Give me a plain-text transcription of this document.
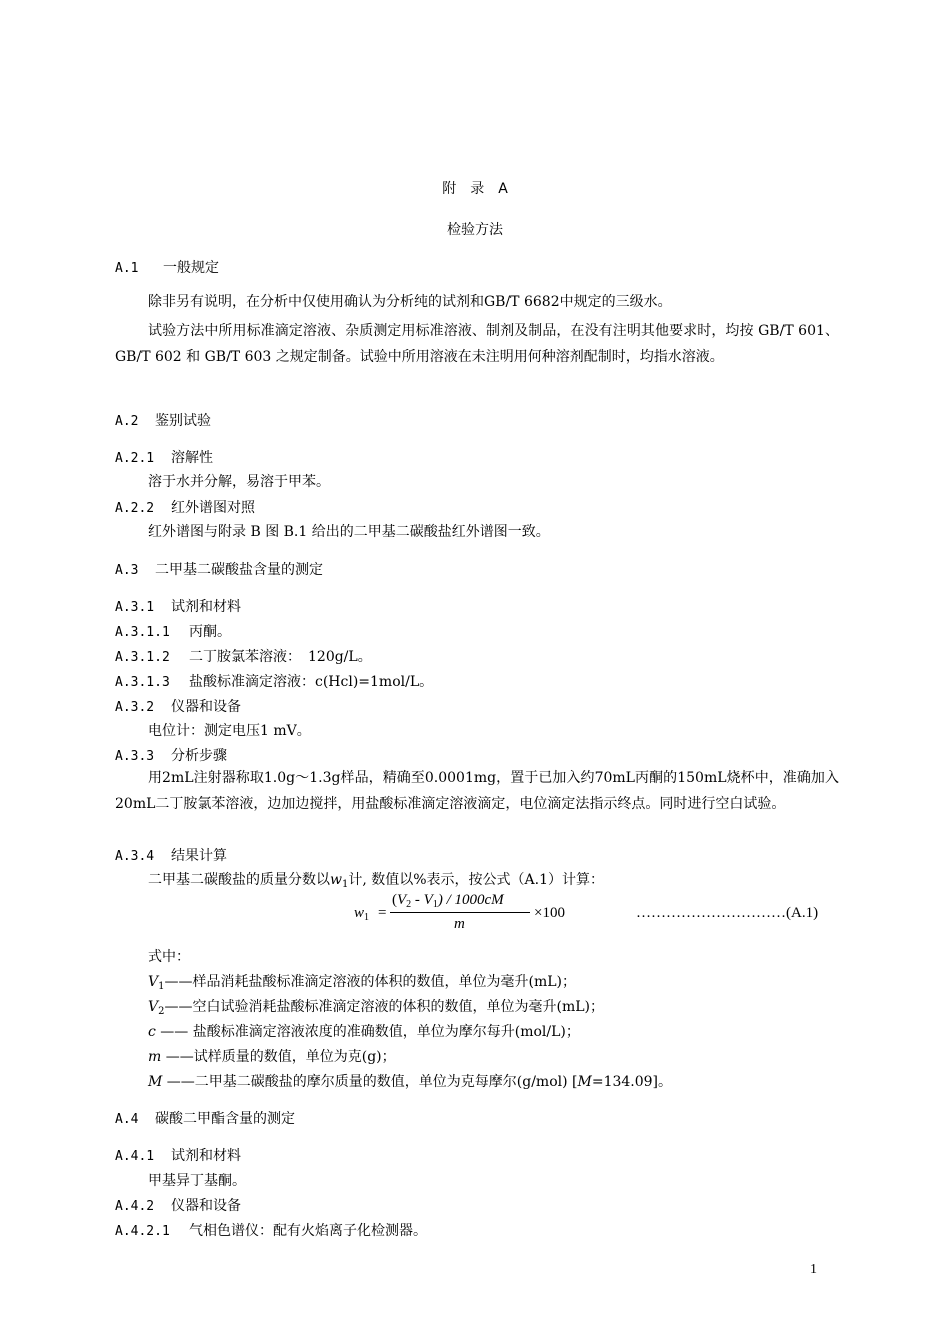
附　录　A
检验方法
A.1 一般规定
除非另有说明，在分析中仅使用确认为分析纯的试剂和GB/T 6682中规定的三级水。
试验方法中所用标准滴定溶液、杂质测定用标准溶液、制剂及制品，在没有注明其他要求时，均按 GB/T 601、GB/T 602 和 GB/T 603 之规定制备。试验中所用溶液在未注明用何种溶剂配制时，均指水溶液。
A.2 鉴别试验
A.2.1 溶解性
溶于水并分解，易溶于甲苯。
A.2.2 红外谱图对照
红外谱图与附录 B 图 B.1 给出的二甲基二碳酸盐红外谱图一致。
A.3 二甲基二碳酸盐含量的测定
A.3.1 试剂和材料
A.3.1.1 丙酮。
A.3.1.2 二丁胺氯苯溶液：　120g/L。
A.3.1.3 盐酸标准滴定溶液：c(Hcl)=1mol/L。
A.3.2 仪器和设备
电位计：测定电压1 mV。
A.3.3 分析步骤
用2mL注射器称取1.0g～1.3g样品，精确至0.0001mg，置于已加入约70mL丙酮的150mL烧杯中，准确加入20mL二丁胺氯苯溶液，边加边搅拌，用盐酸标准滴定溶液滴定，电位滴定法指示终点。同时进行空白试验。
A.3.4 结果计算
二甲基二碳酸盐的质量分数以$w_1$计, 数值以%表示，按公式（A.1）计算：
$w_1$ =
$(V_2 - V_1) / 1000cM$
m
×100	…………………………(A.1)
式中：
$V_1——$样品消耗盐酸标准滴定溶液的体积的数值，单位为毫升(mL)；
$V_2——$空白试验消耗盐酸标准滴定溶液的体积的数值，单位为毫升(mL)；
c —— 盐酸标准滴定溶液浓度的准确数值，单位为摩尔每升(mol/L)；
m ——试样质量的数值，单位为克(g)；
M ——二甲基二碳酸盐的摩尔质量的数值，单位为克每摩尔(g/mol) [M=134.09]。
A.4 碳酸二甲酯含量的测定
A.4.1 试剂和材料
甲基异丁基酮。
A.4.2 仪器和设备
A.4.2.1 气相色谱仪：配有火焰离子化检测器。
1
